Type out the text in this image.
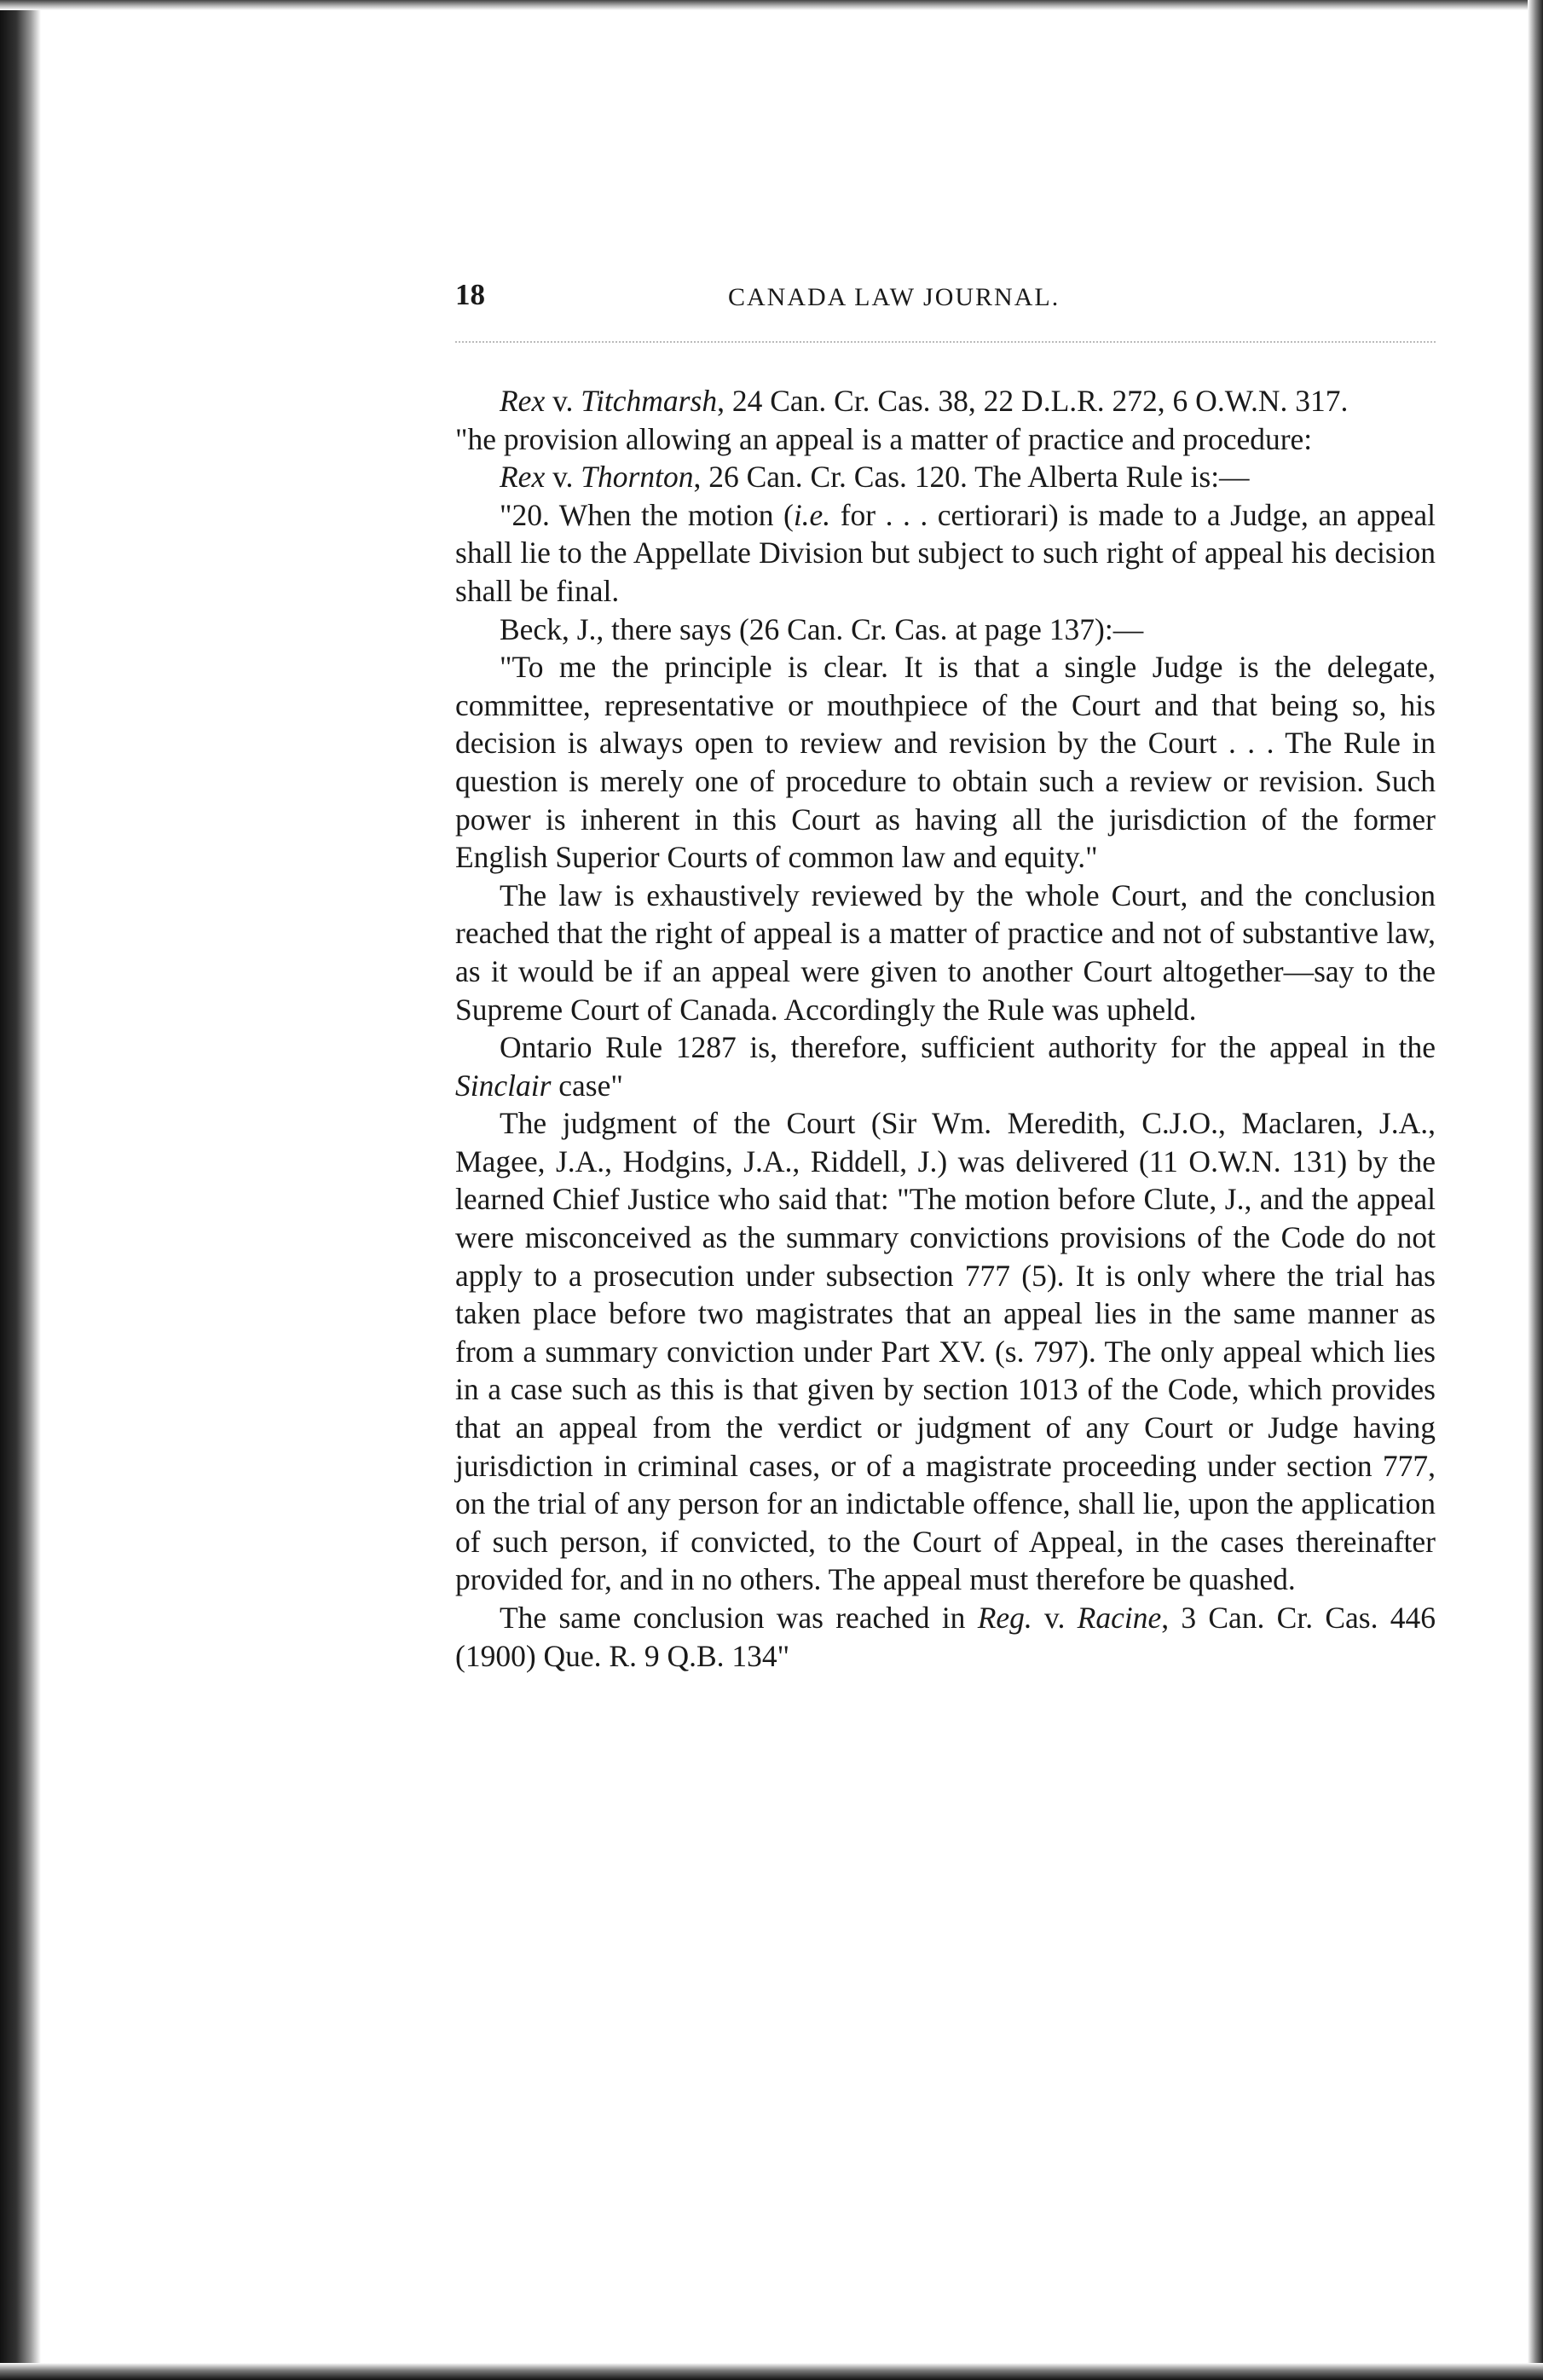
18	CANADA LAW JOURNAL.

Rex v. Titchmarsh, 24 Can. Cr. Cas. 38, 22 D.L.R. 272, 6 O.W.N. 317.

"he provision allowing an appeal is a matter of practice and procedure:

Rex v. Thornton, 26 Can. Cr. Cas. 120. The Alberta Rule is:—

"20. When the motion (i.e. for . . . certiorari) is made to a Judge, an appeal shall lie to the Appellate Division but subject to such right of appeal his decision shall be final.

Beck, J., there says (26 Can. Cr. Cas. at page 137):—

"To me the principle is clear. It is that a single Judge is the delegate, committee, representative or mouthpiece of the Court and that being so, his decision is always open to review and revision by the Court . . . The Rule in question is merely one of procedure to obtain such a review or revision. Such power is inherent in this Court as having all the jurisdiction of the former English Superior Courts of common law and equity."

The law is exhaustively reviewed by the whole Court, and the conclusion reached that the right of appeal is a matter of practice and not of substantive law, as it would be if an appeal were given to another Court altogether—say to the Supreme Court of Canada. Accordingly the Rule was upheld.

Ontario Rule 1287 is, therefore, sufficient authority for the appeal in the Sinclair case"

The judgment of the Court (Sir Wm. Meredith, C.J.O., Maclaren, J.A., Magee, J.A., Hodgins, J.A., Riddell, J.) was delivered (11 O.W.N. 131) by the learned Chief Justice who said that: "The motion before Clute, J., and the appeal were misconceived as the summary convictions provisions of the Code do not apply to a prosecution under subsection 777 (5). It is only where the trial has taken place before two magistrates that an appeal lies in the same manner as from a summary conviction under Part XV. (s. 797). The only appeal which lies in a case such as this is that given by section 1013 of the Code, which provides that an appeal from the verdict or judgment of any Court or Judge having jurisdiction in criminal cases, or of a magistrate proceeding under section 777, on the trial of any person for an indictable offence, shall lie, upon the application of such person, if convicted, to the Court of Appeal, in the cases thereinafter provided for, and in no others. The appeal must therefore be quashed.

The same conclusion was reached in Reg. v. Racine, 3 Can. Cr. Cas. 446 (1900) Que. R. 9 Q.B. 134"
